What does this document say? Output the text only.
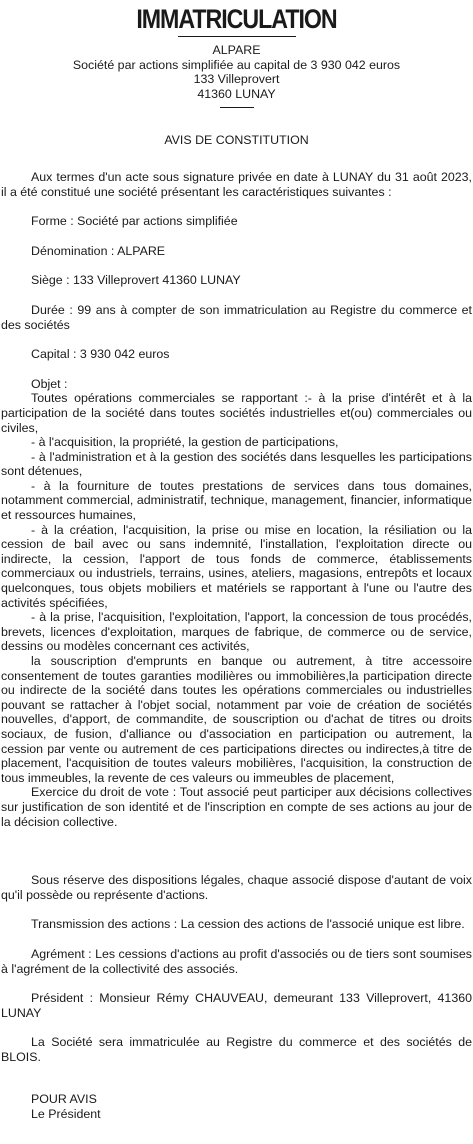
IMMATRICULATION
ALPARE
Société par actions simplifiée au capital de 3 930 042 euros
133 Villeprovert
41360 LUNAY
AVIS DE CONSTITUTION

Aux termes d'un acte sous signature privée en date à LUNAY du 31 août 2023, il a été constitué une société présentant les caractéristiques suivantes :

Forme : Société par actions simplifiée

Dénomination : ALPARE

Siège : 133 Villeprovert 41360 LUNAY

Durée : 99 ans à compter de son immatriculation au Registre du commerce et des sociétés

Capital : 3 930 042 euros

Objet :

Toutes opérations commerciales se rapportant :- à la prise d'intérêt et à la participation de la société dans toutes sociétés industrielles et(ou) commerciales ou civiles,

- à l'acquisition, la propriété, la gestion de participations,

- à l'administration et à la gestion des sociétés dans lesquelles les participations sont détenues,

- à la fourniture de toutes prestations de services dans tous domaines, notamment commercial, administratif, technique, management, financier, informatique et ressources humaines,

- à la création, l'acquisition, la prise ou mise en location, la résiliation ou la cession de bail avec ou sans indemnité, l'installation, l'exploitation directe ou indirecte, la cession, l'apport de tous fonds de commerce, établissements commerciaux ou industriels, terrains, usines, ateliers, magasions, entrepôts et locaux quelconques, tous objets mobiliers et matériels se rapportant à l'une ou l'autre des activités spécifiées,

- à la prise, l'acquisition, l'exploitation, l'apport, la concession de tous procédés, brevets, licences d'exploitation, marques de fabrique, de commerce ou de service, dessins ou modèles concernant ces activités,

la souscription d'emprunts en banque ou autrement, à titre accessoire consentement de toutes garanties modilières ou immobilières,la participation directe ou indirecte de la société dans toutes les opérations commerciales ou industrielles pouvant se rattacher à l'objet social, notamment par voie de création de sociétés nouvelles, d'apport, de commandite, de souscription ou d'achat de titres ou droits sociaux, de fusion, d'alliance ou d'association en participation ou autrement, la cession par vente ou autrement de ces participations directes ou indirectes,à titre de placement, l'acquisition de toutes valeurs mobilières, l'acquisition, la construction de tous immeubles, la revente de ces valeurs ou immeubles de placement,

Exercice du droit de vote : Tout associé peut participer aux décisions collectives sur justification de son identité et de l'inscription en compte de ses actions au jour de la décision collective.

Sous réserve des dispositions légales, chaque associé dispose d'autant de voix qu'il possède ou représente d'actions.

Transmission des actions : La cession des actions de l'associé unique est libre.

Agrément : Les cessions d'actions au profit d'associés ou de tiers sont soumises à l'agrément de la collectivité des associés.

Président : Monsieur Rémy CHAUVEAU, demeurant 133 Villeprovert, 41360 LUNAY

La Société sera immatriculée au Registre du commerce et des sociétés de BLOIS.

POUR AVIS
Le Président
